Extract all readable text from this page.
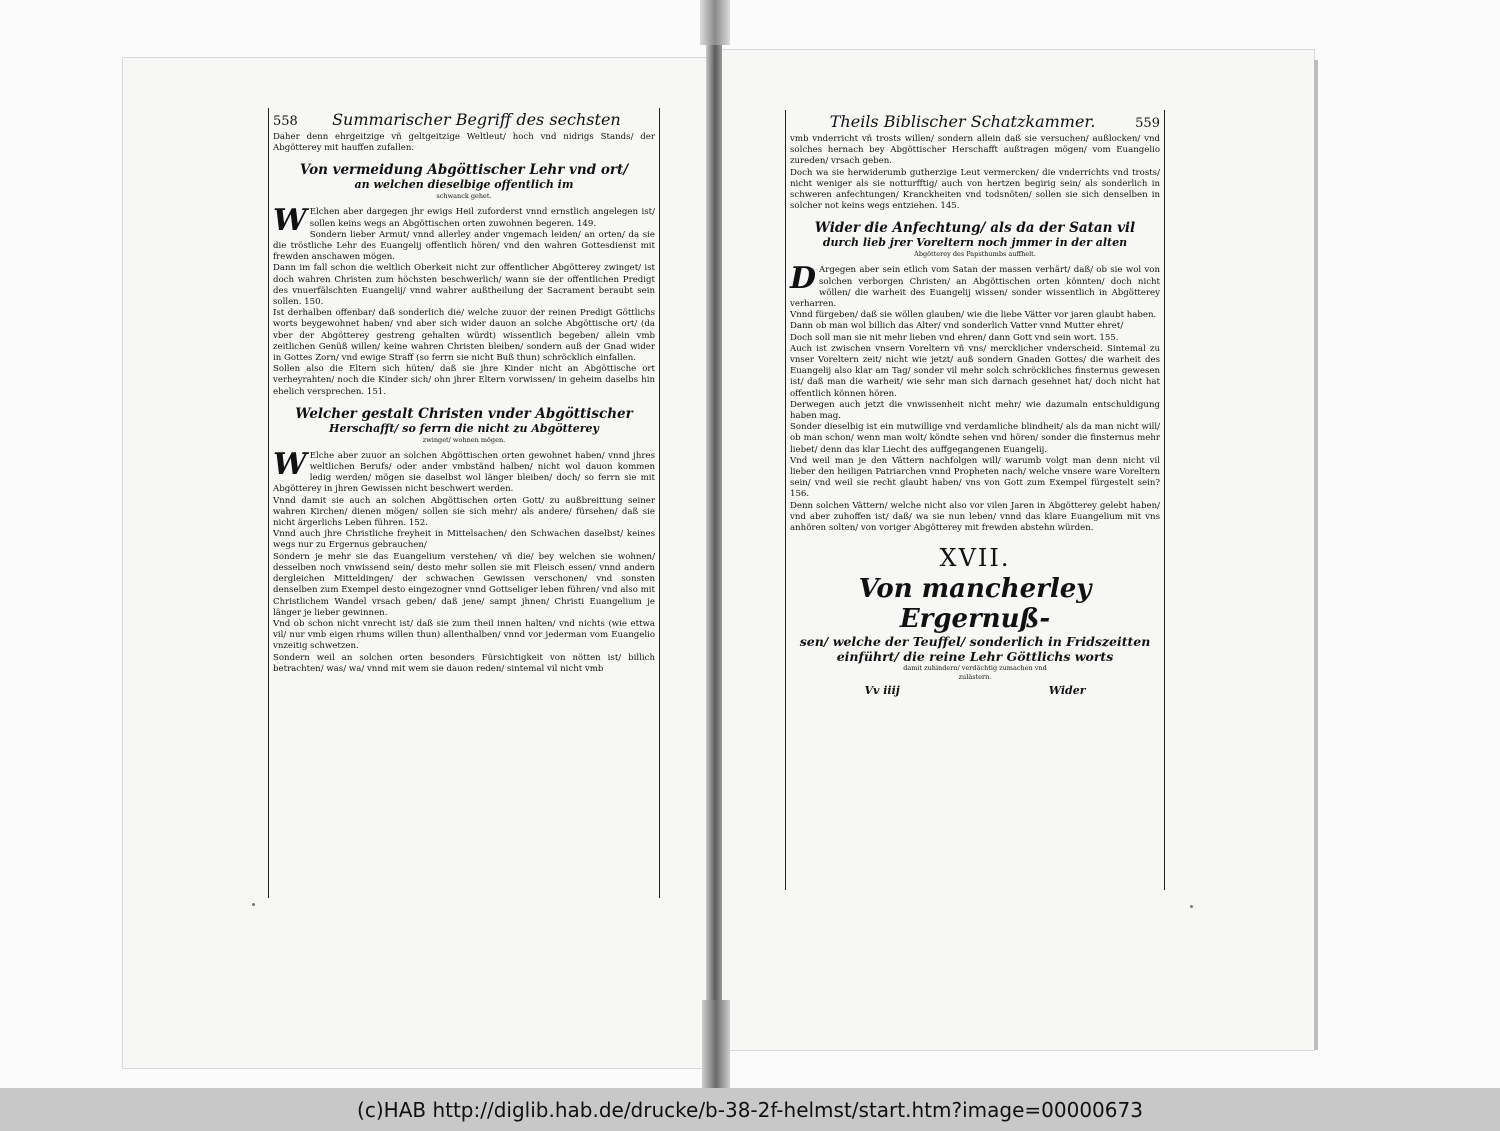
558 Summarischer Begriff des sechsten

Daher denn ehrgeitzige vñ geltgeitzige Weltleut/ hoch vnd nidrigs Stands/ der Abgötterey mit hauffen zufallen.

Von vermeidung Abgöttischer Lehr vnd ort/

an welchen dieselbige offentlich im

schwanck gehet.

W Elchen aber dargegen jhr ewigs Heil zuforderst vnnd ernstlich angelegen ist/ sollen keins wegs an Abgöttischen orten zuwohnen begeren. 149.

Sondern lieber Armut/ vnnd allerley ander vngemach leiden/ an orten/ da sie die tröstliche Lehr des Euangelij offentlich hören/ vnd den wahren Gottesdienst mit frewden anschawen mögen.

Dann im fall schon die weltlich Oberkeit nicht zur offentlicher Abgötterey zwinget/ ist doch wahren Christen zum höchsten beschwerlich/ wann sie der offentlichen Predigt des vnuerfälschten Euangelij/ vnnd wahrer außtheilung der Sacrament beraubt sein sollen. 150.

Ist derhalben offenbar/ daß sonderlich die/ welche zuuor der reinen Predigt Göttlichs worts beygewohnet haben/ vnd aber sich wider dauon an solche Abgöttische ort/ (da vber der Abgötterey gestreng gehalten würdt) wissentlich begeben/ allein vmb zeitlichen Genüß willen/ keine wahren Christen bleiben/ sondern auß der Gnad wider in Gottes Zorn/ vnd ewige Straff (so ferrn sie nicht Buß thun) schröcklich einfallen.

Sollen also die Eltern sich hüten/ daß sie jhre Kinder nicht an Abgöttische ort verheyrahten/ noch die Kinder sich/ ohn jhrer Eltern vorwissen/ in geheim daselbs hin ehelich versprechen. 151.

Welcher gestalt Christen vnder Abgöttischer

Herschafft/ so ferrn die nicht zu Abgötterey

zwinget/ wohnen mögen.

W Elche aber zuuor an solchen Abgöttischen orten gewohnet haben/ vnnd jhres weltlichen Berufs/ oder ander vmbständ halben/ nicht wol dauon kommen ledig werden/ mögen sie daselbst wol länger bleiben/ doch/ so ferrn sie mit Abgötterey in jhren Gewissen nicht beschwert werden.

Vnnd damit sie auch an solchen Abgöttischen orten Gott/ zu außbreittung seiner wahren Kirchen/ dienen mögen/ sollen sie sich mehr/ als andere/ fürsehen/ daß sie nicht ärgerlichs Leben führen. 152.

Vnnd auch jhre Christliche freyheit in Mittelsachen/ den Schwachen daselbst/ keines wegs nur zu Ergernus gebrauchen/

Sondern je mehr sie das Euangelium verstehen/ vñ die/ bey welchen sie wohnen/ desselben noch vnwissend sein/ desto mehr sollen sie mit Fleisch essen/ vnnd andern dergleichen Mitteldingen/ der schwachen Gewissen verschonen/ vnd sonsten denselben zum Exempel desto eingezogner vnnd Gottseliger leben führen/ vnd also mit Christlichem Wandel vrsach geben/ daß jene/ sampt jhnen/ Christi Euangelium je länger je lieber gewinnen.

Vnd ob schon nicht vnrecht ist/ daß sie zum theil innen halten/ vnd nichts (wie ettwa vil/ nur vmb eigen rhums willen thun) allenthalben/ vnnd vor jederman vom Euangelio vnzeitig schwetzen.

Sondern weil an solchen orten besonders Fürsichtigkeit von nötten ist/ billich betrachten/ was/ wa/ vnnd mit wem sie dauon reden/ sintemal vil nicht vmb

Theils Biblischer Schatzkammer.	559

vmb vnderricht vñ trosts willen/ sondern allein daß sie versuchen/ außlocken/ vnd solches hernach bey Abgöttischer Herschafft außtragen mögen/ vom Euangelio zureden/ vrsach geben.

Doch wa sie herwiderumb gutherzige Leut vermercken/ die vnderrichts vnd trosts/ nicht weniger als sie notturfftig/ auch von hertzen begirig sein/ als sonderlich in schweren anfechtungen/ Kranckheiten vnd todsnöten/ sollen sie sich denselben in solcher not keins wegs entziehen. 145.

Wider die Anfechtung/ als da der Satan vil

durch lieb jrer Voreltern noch jmmer in der alten

Abgötterey des Papsthumbs auffhelt.

D Argegen aber sein etlich vom Satan der massen verhärt/ daß/ ob sie wol von solchen verborgen Christen/ an Abgöttischen orten könnten/ doch nicht wöllen/ die warheit des Euangelij wissen/ sonder wissentlich in Abgötterey verharren.

Vnnd fürgeben/ daß sie wöllen glauben/ wie die liebe Vätter vor jaren glaubt haben.

Dann ob man wol billich das Alter/ vnd sonderlich Vatter vnnd Mutter ehret/

Doch soll man sie nit mehr lieben vnd ehren/ dann Gott vnd sein wort. 155.

Auch ist zwischen vnsern Voreltern vñ vns/ mercklicher vnderscheid. Sintemal zu vnser Voreltern zeit/ nicht wie jetzt/ auß sondern Gnaden Gottes/ die warheit des Euangelij also klar am Tag/ sonder vil mehr solch schröckliches finsternus gewesen ist/ daß man die warheit/ wie sehr man sich darnach gesehnet hat/ doch nicht hat offentlich können hören.

Derwegen auch jetzt die vnwissenheit nicht mehr/ wie dazumaln entschuldigung haben mag.

Sonder dieselbig ist ein mutwillige vnd verdamliche blindheit/ als da man nicht will/ ob man schon/ wenn man wolt/ köndte sehen vnd hören/ sonder die finsternus mehr liebet/ denn das klar Liecht des auffgegangenen Euangelij.

Vnd weil man je den Vättern nachfolgen will/ warumb volgt man denn nicht vil lieber den heiligen Patriarchen vnnd Propheten nach/ welche vnsere ware Voreltern sein/ vnd weil sie recht glaubt haben/ vns von Gott zum Exempel fürgestelt sein? 156.

Denn solchen Vättern/ welche nicht also vor vilen Jaren in Abgötterey gelebt haben/ vnd aber zuhoffen ist/ daß/ wa sie nun leben/ vnnd das klare Euangelium mit vns anhören solten/ von voriger Abgötterey mit frewden abstehn würden.

XVII.

Von mancherley Ergernuß-

sen/ welche der Teuffel/ sonderlich in Fridszeitten einführt/ die reine Lehr Göttlichs worts

damit zuhindern/ verdächtig zumachen vnd

zulästern.

Vv iiij	Wider
(c)HAB http://diglib.hab.de/drucke/b-38-2f-helmst/start.htm?image=00000673
